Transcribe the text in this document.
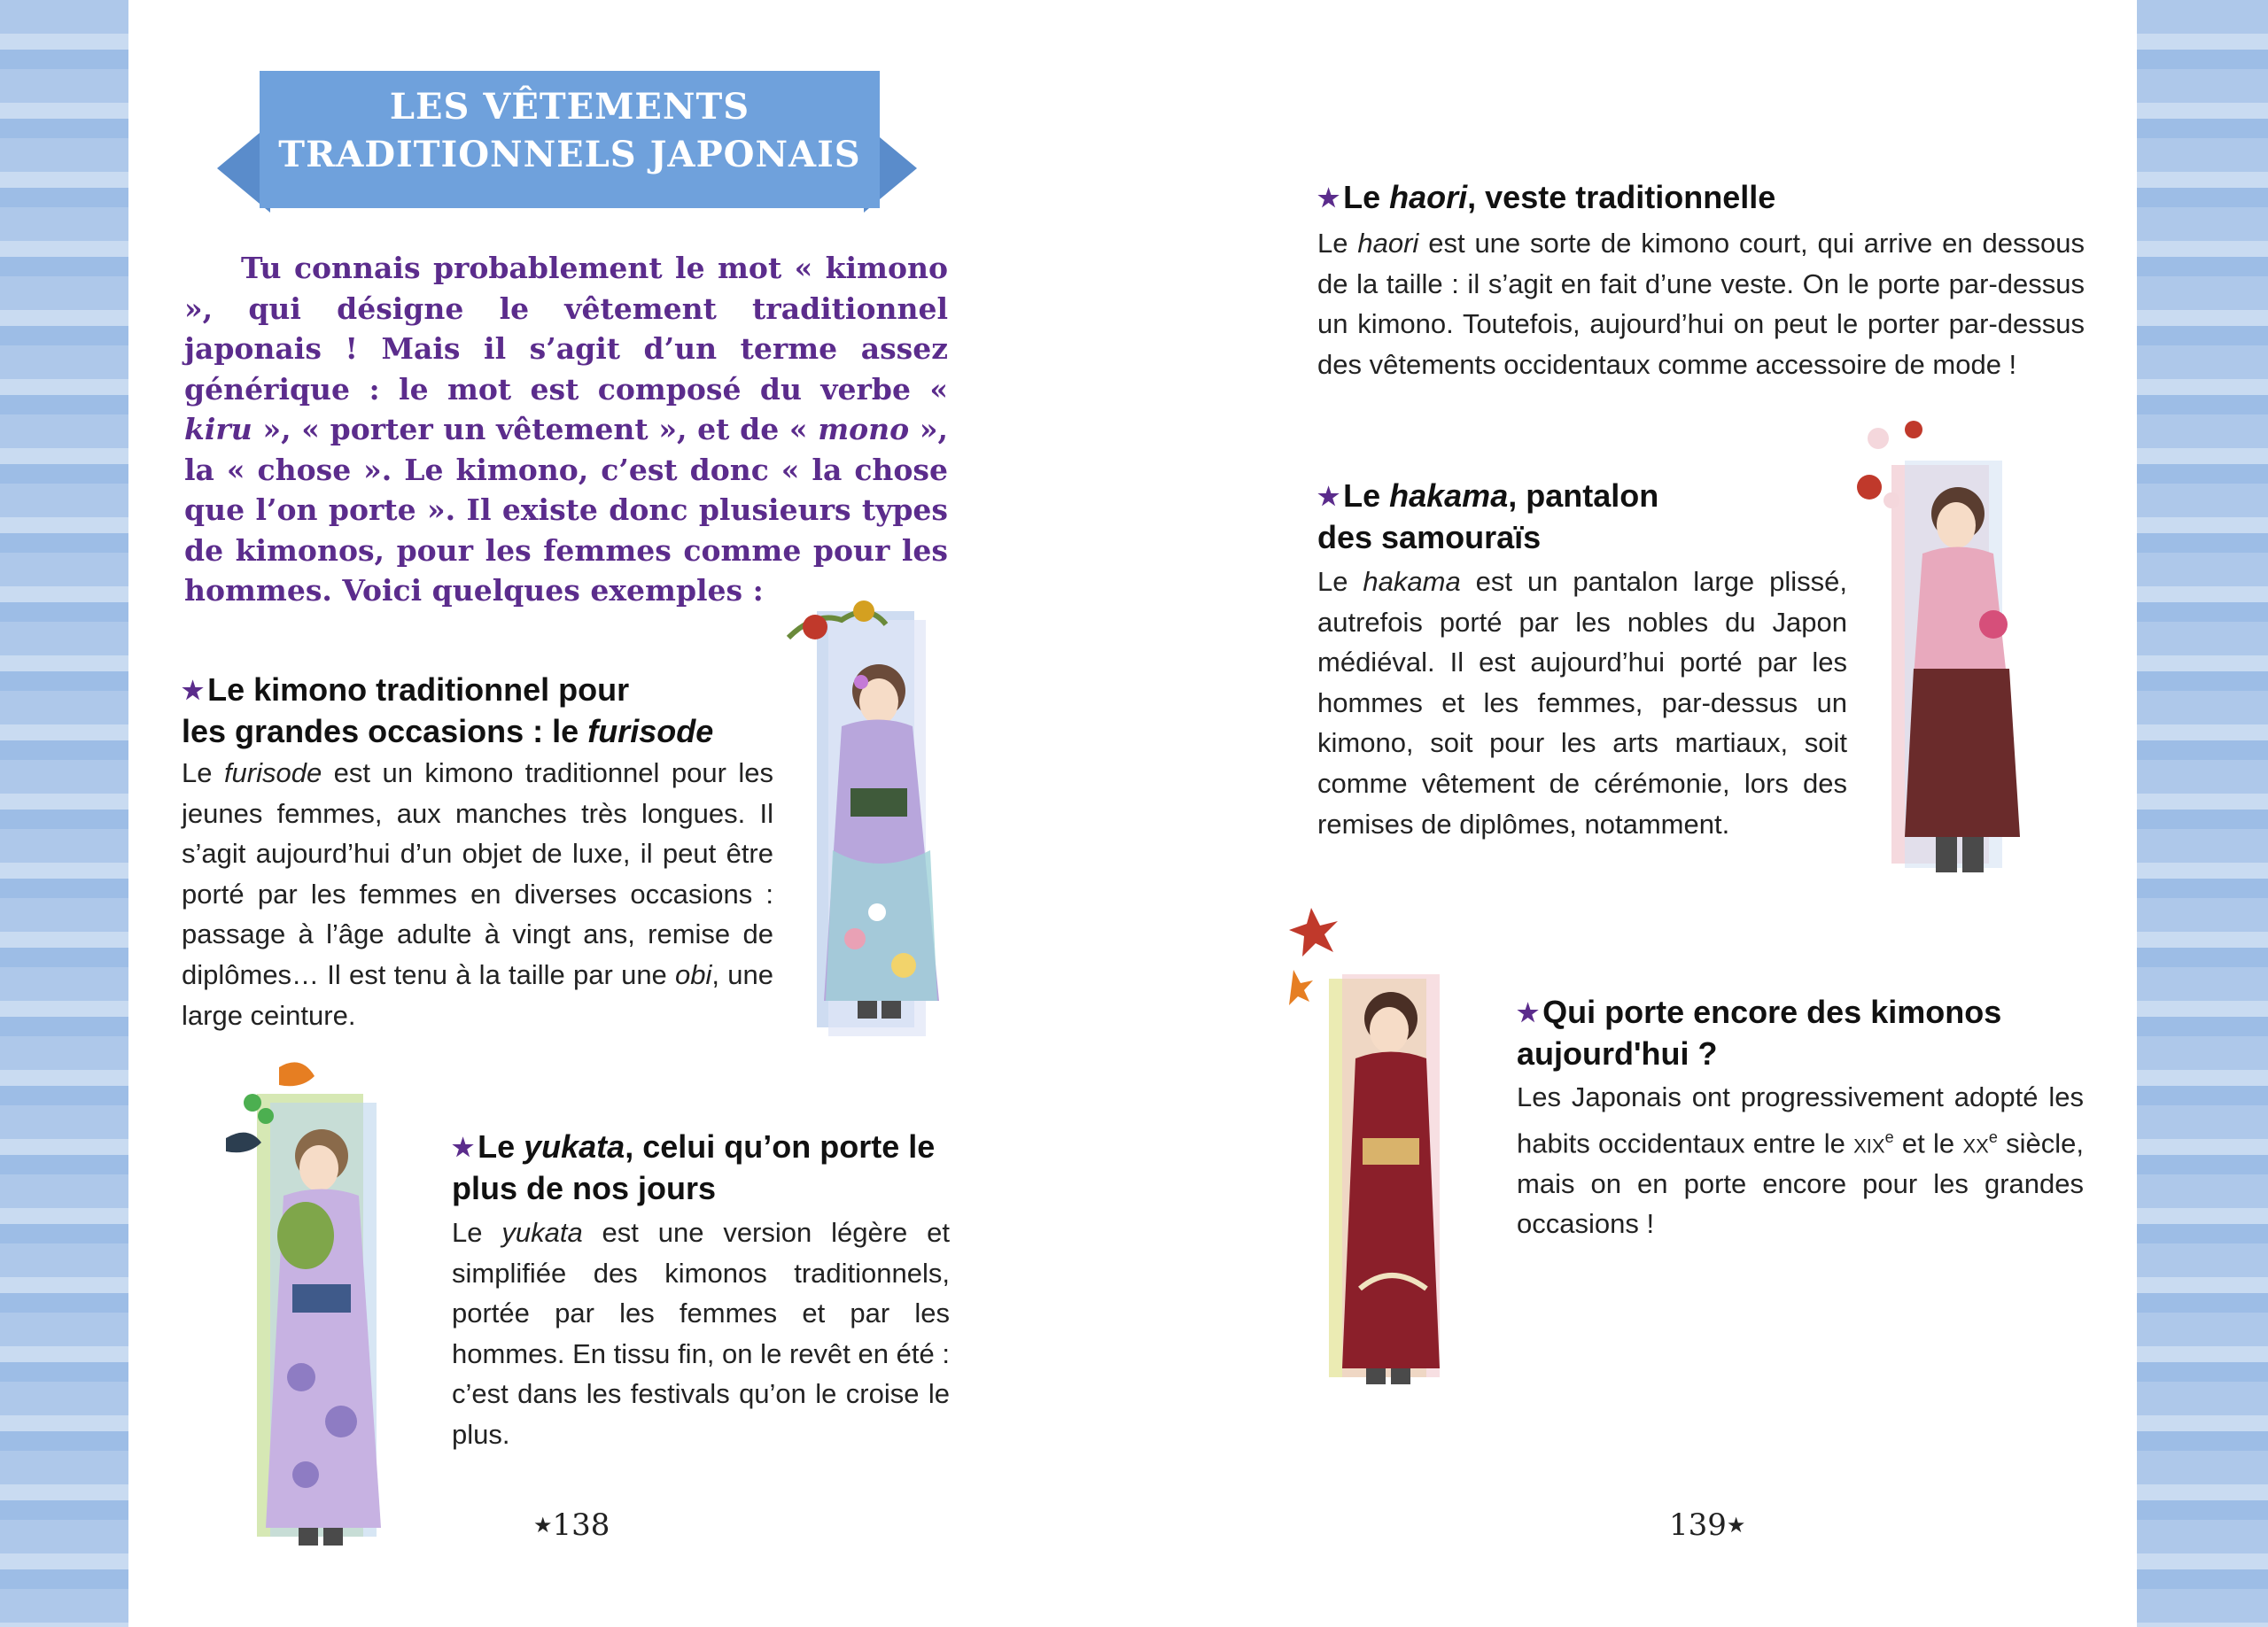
LES VÊTEMENTS
TRADITIONNELS JAPONAIS

Tu connais probablement le mot « kimono », qui désigne le vêtement traditionnel japonais ! Mais il s’agit d’un terme assez générique : le mot est composé du verbe « kiru », « porter un vêtement », et de « mono », la « chose ». Le kimono, c’est donc « la chose que l’on porte ». Il existe donc plusieurs types de kimonos, pour les femmes comme pour les hommes. Voici quelques exemples :

★ Le kimono traditionnel pour
les grandes occasions : le furisode

Le furisode est un kimono traditionnel pour les jeunes femmes, aux manches très longues. Il s’agit aujourd’hui d’un objet de luxe, il peut être porté par les femmes en diverses occasions : passage à l’âge adulte à vingt ans, remise de diplômes… Il est tenu à la taille par une obi, une large ceinture.

★ Le yukata, celui qu’on porte le plus de nos jours

Le yukata est une version légère et simplifiée des kimonos traditionnels, portée par les femmes et par les hommes. En tissu fin, on le revêt en été : c’est dans les festivals qu’on le croise le plus.

★138
★ Le haori, veste traditionnelle

Le haori est une sorte de kimono court, qui arrive en dessous de la taille : il s’agit en fait d’une veste. On le porte par-dessus un kimono. Toutefois, aujourd’hui on peut le porter par-dessus des vêtements occidentaux comme accessoire de mode !

★ Le hakama, pantalon
des samouraïs

Le hakama est un pantalon large plissé, autrefois porté par les nobles du Japon médiéval. Il est aujourd’hui porté par les hommes et les femmes, par-dessus un kimono, soit pour les arts martiaux, soit comme vêtement de cérémonie, lors des remises de diplômes, notamment.

★ Qui porte encore des kimonos
aujourd'hui ?

Les Japonais ont progressivement adopté les habits occidentaux entre le xix$^e$ et le $xx^e$ siècle, mais on en porte encore pour les grandes occasions !

139★
